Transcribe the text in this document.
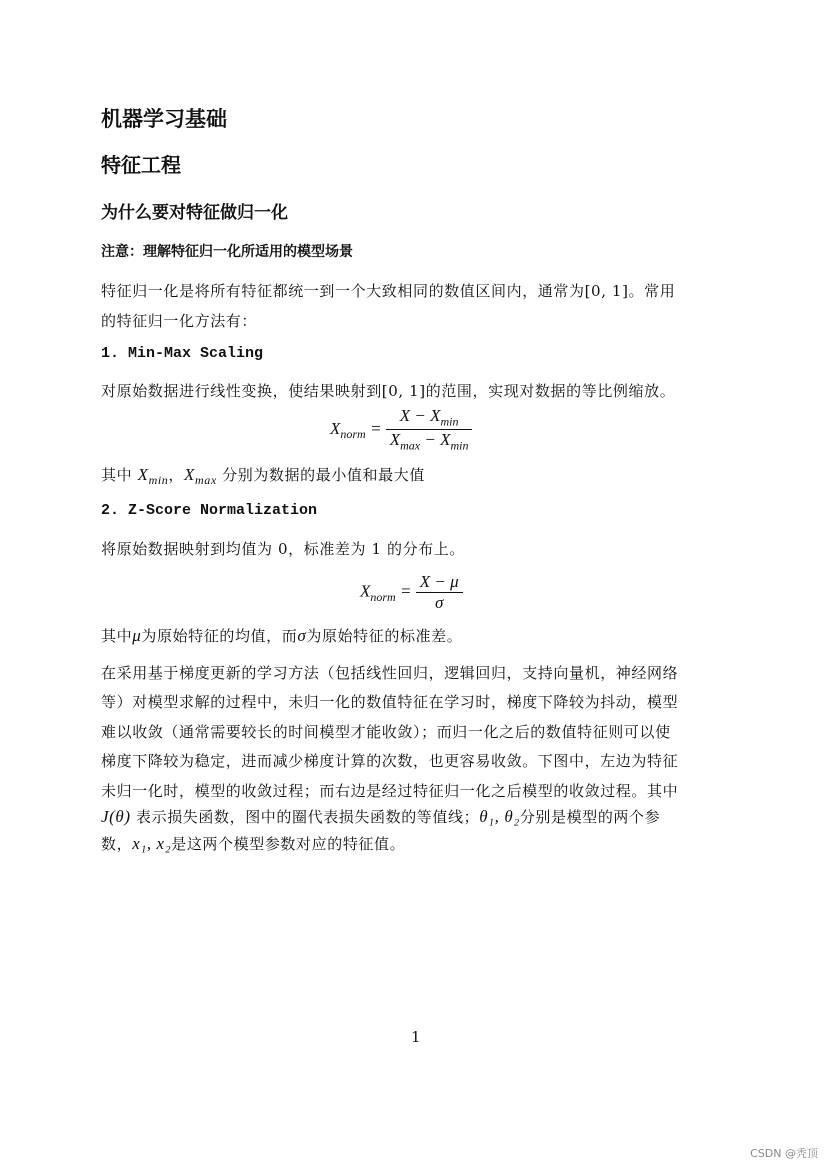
机器学习基础
特征工程
为什么要对特征做归一化
注意：理解特征归一化所适用的模型场景
特征归一化是将所有特征都统一到一个大致相同的数值区间内，通常为[0, 1]。常用
的特征归一化方法有：
1. Min-Max Scaling
对原始数据进行线性变换，使结果映射到[0, 1]的范围，实现对数据的等比例缩放。
$X_{norm} = \frac{X - X_{min}}{X_{max} - X_{min}}$
其中 $X_{min}$，$X_{max}$ 分别为数据的最小值和最大值
2. Z-Score Normalization
将原始数据映射到均值为 0，标准差为 1 的分布上。
$X_{norm} = \frac{X - \mu}{\sigma}$
其中μ为原始特征的均值，而σ为原始特征的标准差。
在采用基于梯度更新的学习方法（包括线性回归，逻辑回归，支持向量机，神经网络
等）对模型求解的过程中，未归一化的数值特征在学习时，梯度下降较为抖动，模型
难以收敛（通常需要较长的时间模型才能收敛）；而归一化之后的数值特征则可以使
梯度下降较为稳定，进而减少梯度计算的次数，也更容易收敛。下图中，左边为特征
未归一化时，模型的收敛过程；而右边是经过特征归一化之后模型的收敛过程。其中
J(θ) 表示损失函数，图中的圈代表损失函数的等值线；θ₁, θ₂分别是模型的两个参
数，x₁, x₂是这两个模型参数对应的特征值。
1
CSDN @秃顶
